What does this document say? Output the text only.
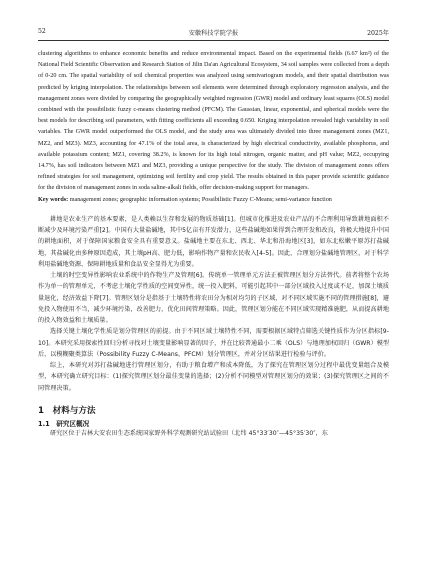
52	安徽科技学院学报	2025年

clustering algorithms to enhance economic benefits and reduce environmental impact. Based on the experimental fields (6.67 km²) of the National Field Scientific Observation and Research Station of Jilin Da'an Agricultural Ecosystem, 34 soil samples were collected from a depth of 0-20 cm. The spatial variability of soil chemical properties was analyzed using semivariogram models, and their spatial distribution was predicted by kriging interpolation. The relationships between soil elements were determined through exploratory regression analysis, and the management zones were divided by comparing the geographically weighted regression (GWR) model and ordinary least squares (OLS) model combined with the possibilistic fuzzy c-means clustering method (PFCM). The Gaussian, linear, exponential, and spherical models were the best models for describing soil parameters, with fitting coefficients all exceeding 0.650. Kriging interpolation revealed high variability in soil variables. The GWR model outperformed the OLS model, and the study area was ultimately divided into three management zones (MZ1, MZ2, and MZ3). MZ3, accounting for 47.1% of the total area, is characterized by high electrical conductivity, available phosphorus, and available potassium content; MZ1, covering 38.2%, is known for its high total nitrogen, organic matter, and pH value; MZ2, occupying 14.7%, has soil indicators between MZ1 and MZ3, providing a unique perspective for the study. The division of management zones offers refined strategies for soil management, optimizing soil fertility and crop yield. The results obtained in this paper provide scientific guidance for the division of management zones in soda saline-alkali fields, offer decision-making support for managers.

Key words: management zones; geographic information systems; Possibilistic Fuzzy C-Means; semi-variance function

耕地是农业生产的基本要素，是人类赖以生存和发展的物质基础[1]。但城市化推进及农业产品的不合理利用导致耕地面积不断减少及环境污染严重[2]。中国有大量盐碱地，其中5亿亩有开发潜力，这些盐碱地如果得到合理开发和改良，将极大地提升中国的耕地面积，对于保障国家粮食安全具有重要意义。盐碱地主要在东北、西北、华北和沿海地区[3]，如东北松嫩平原苏打盐碱地，其盐碱化由多种原因造成，其土壤pH高、肥力低，影响作物产量和农民收入[4-5]。因此，合理划分盐碱地管理区，对于科学利用盐碱地资源、保障耕地质量和食品安全显得尤为重要。

土壤的时空变异性影响农业系统中的作物生产及管理[6]。传统单一管理单元方法正被管理区划分方法替代。前者将整个农场作为单一的管理单元，不考虑土壤化学性质的空间变异性，统一投入肥料，可能引起其中一部分区域投入过度或不足，加深土壤质量退化，经济效益下降[7]。管理区划分是指基于土壤特性将农田分为相对均匀的子区域，对不同区域实施不同的管理措施[8]，避免投入物使用不当，减少环境污染，改善肥力，优化田间管理策略。因此，管理区划分能在不同区域实现精准施肥，从而提高耕地的投入物效益和土壤质量。

选择关键土壤化学性质是划分管理区的前提。由于不同区域土壤特性不同，需要根据区域特点筛选关键性质作为分区指标[9-10]。本研究采用探索性回归分析寻找对土壤变量影响显著的因子，并在比较普通最小二乘（OLS）与地理加权回归（GWR）模型后，以模糊聚类算法（Possibility Fuzzy C-Means，PFCM）划分管理区，并对分区结果进行检验与评价。

综上，本研究对苏打盐碱地进行管理区划分，有助于粮食增产和成本降低，为了探究在管理区划分过程中最优变量组合及模型，本研究确立研究目标：(1)探究管理区划分最佳变量的选择；(2)分析不同模型对管理区划分的效果；(3)探究管理区之间的不同管理决策。

1　材料与方法
1.1　研究区概况

研究区位于吉林大安农田生态系统国家野外科学观测研究站试验田（北纬 45°33′30″—45°35′30″，东
